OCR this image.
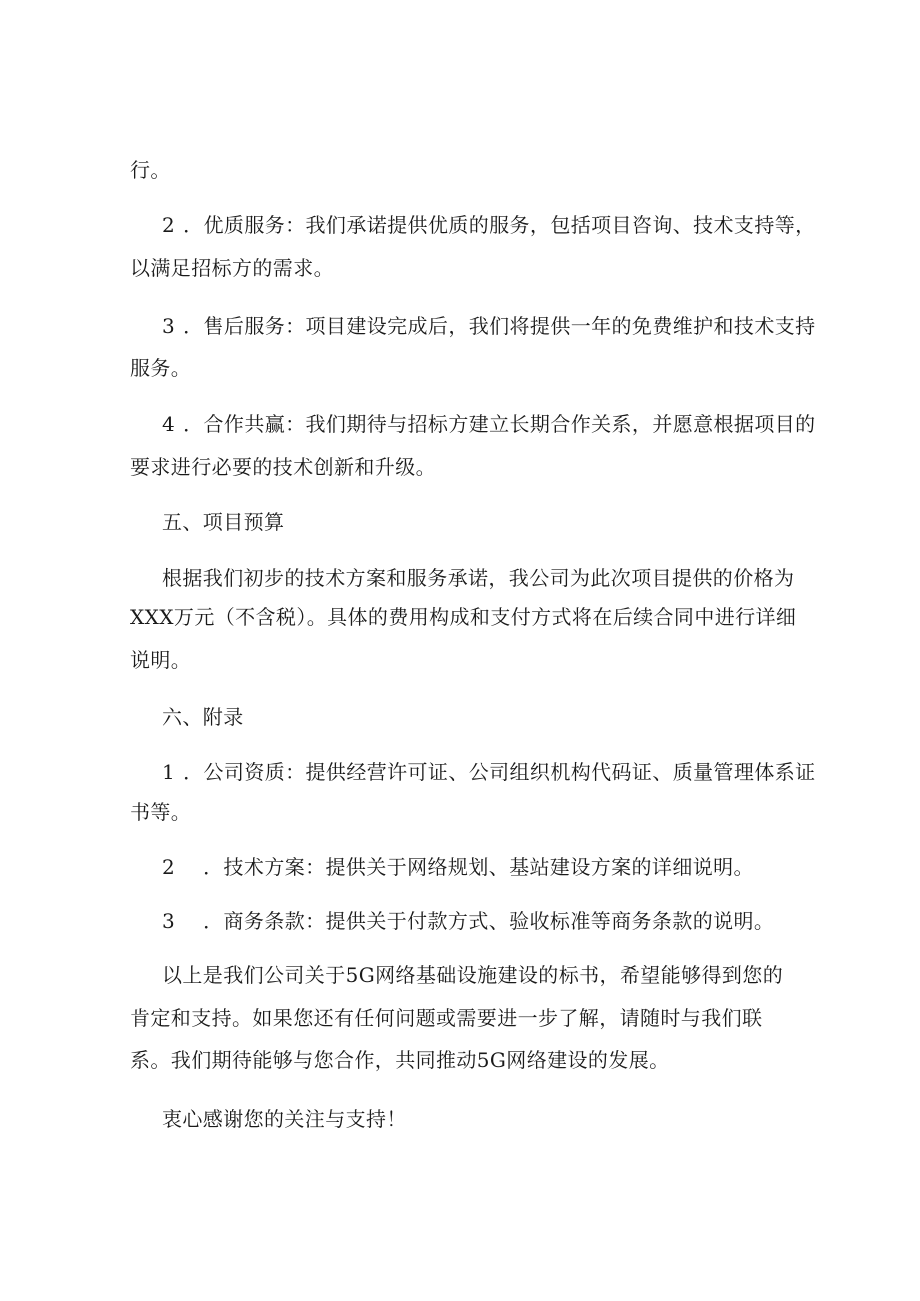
行。
2 ．优质服务：我们承诺提供优质的服务，包括项目咨询、技术支持等，
以满足招标方的需求。
3 ．售后服务：项目建设完成后，我们将提供一年的免费维护和技术支持
服务。
4 ．合作共赢：我们期待与招标方建立长期合作关系，并愿意根据项目的
要求进行必要的技术创新和升级。
五、项目预算
根据我们初步的技术方案和服务承诺，我公司为此次项目提供的价格为
XXX万元（不含税）。具体的费用构成和支付方式将在后续合同中进行详细
说明。
六、附录
1 ．公司资质：提供经营许可证、公司组织机构代码证、质量管理体系证
书等。
2 ．技术方案：提供关于网络规划、基站建设方案的详细说明。
3 ．商务条款：提供关于付款方式、验收标准等商务条款的说明。
以上是我们公司关于5G网络基础设施建设的标书，希望能够得到您的
肯定和支持。如果您还有任何问题或需要进一步了解，请随时与我们联
系。我们期待能够与您合作，共同推动5G网络建设的发展。
衷心感谢您的关注与支持！
